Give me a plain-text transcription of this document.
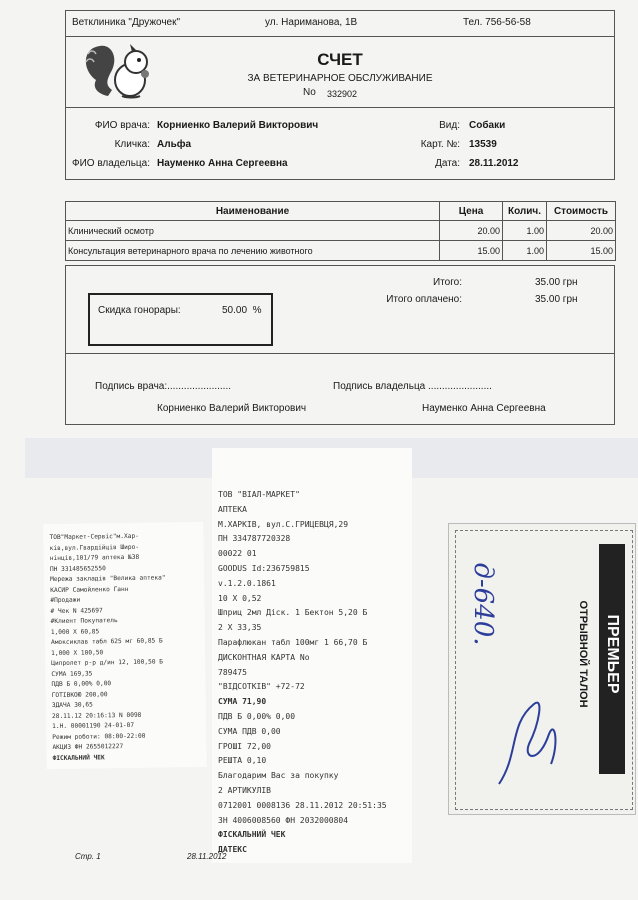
Ветклиника "Дружочек"	ул. Нариманова, 1В	Тел. 756-56-58
СЧЕТ
ЗА ВЕТЕРИНАРНОЕ ОБСЛУЖИВАНИЕ
No 332902
ФИО врача: Корниенко Валерий Викторович
Кличка: Альфа
ФИО владельца: Науменко Анна Сергеевна
Вид: Собаки
Карт. №: 13539
Дата: 28.11.2012
Наименование	Цена	Колич.	Стоимость
Клинический осмотр	20.00	1.00	20.00
Консультация ветеринарного врача по лечению животного	15.00	1.00	15.00
Итого:	35.00 грн
Итого оплачено:	35.00 грн
Скидка гонорары:	50.00  %
Подпись врача:.......................	Подпись владельца .......................
Корниенко Валерий Викторович	Науменко Анна Сергеевна
ТОВ"Маркет-Сервіс"м.Хар-
ків,вул.Гвардiйців Широ-
нiнцiв,101/79 аптека №38
ПН 331485652550
Мережа закладiв "Велика аптека"
КАСИР Самойленко Ганн
#Продажи
# Чек N 425697
#Клиент Покупатель
1,000 X 60,85
Амоксиклав табл 625 мг 60,85 Б
1,000 X 100,50
Ципролет р-р д/ин 12, 100,50 Б
СУМА 169,35
ПДВ Б 0,00% 0,00
ГОТІВКОЮ 200,00
ЗДАЧА 30,65
28.11.12 20:16:13 N 0098
1.Н. 00001190 24-01-07
Режим роботи: 08:00-22:00
АКЦИЗ ФН 2655012227
ФІСКАЛЬНИЙ ЧЕК
ТОВ "ВІАЛ-МАРКЕТ"
АПТЕКА
М.ХАРКІВ, вул.С.ГРИЦЕВЦЯ,29
ПН 334787720328
00022 01
GOODUS Id:236759815
v.1.2.0.1861
10 X 0,52
Шприц 2мл Дiск. 1 Бектон 5,20 Б
2 X 33,35
Парафлюкан табл 100мг 1 66,70 Б
ДИСКОНТНАЯ КАРТА No
789475
"ВІДСОТКІВ" +72-72
СУМА 71,90
ПДВ Б 0,00% 0,00
СУМА ПДВ 0,00
ГРОШІ 72,00
РЕШТА 0,10
Благодарим Вас за покупку
2 АРТИКУЛІВ
0712001 0008136 28.11.2012 20:51:35
ЗН 4006008560 ФН 2032000804
ФІСКАЛЬНИЙ ЧЕК
ДАТЕКС
ПРЕМЬЕР
ОТРЫВНОЙ ТАЛОН
д-640.
Стр. 1	28.11.2012
